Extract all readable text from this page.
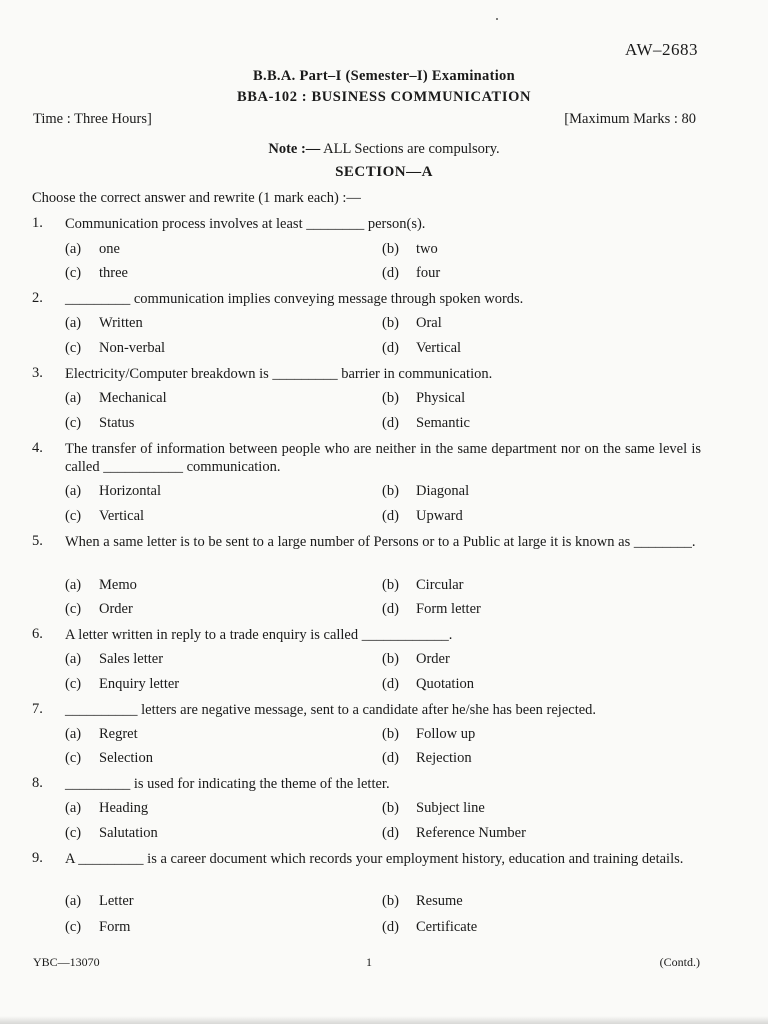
AW–2683
B.B.A. Part–I (Semester–I) Examination
BBA-102 : BUSINESS COMMUNICATION
Time : Three Hours]	[Maximum Marks : 80
Note :— ALL Sections are compulsory.
SECTION—A
Choose the correct answer and rewrite (1 mark each) :—
1. Communication process involves at least ________ person(s).
(a) one	(b) two
(c) three	(d) four
2. _________ communication implies conveying message through spoken words.
(a) Written	(b) Oral
(c) Non-verbal	(d) Vertical
3. Electricity/Computer breakdown is _________ barrier in communication.
(a) Mechanical	(b) Physical
(c) Status	(d) Semantic
4. The transfer of information between people who are neither in the same department nor on the same level is called ___________ communication.
(a) Horizontal	(b) Diagonal
(c) Vertical	(d) Upward
5. When a same letter is to be sent to a large number of Persons or to a Public at large it is known as ________.
(a) Memo	(b) Circular
(c) Order	(d) Form letter
6. A letter written in reply to a trade enquiry is called ____________.
(a) Sales letter	(b) Order
(c) Enquiry letter	(d) Quotation
7. __________ letters are negative message, sent to a candidate after he/she has been rejected.
(a) Regret	(b) Follow up
(c) Selection	(d) Rejection
8. _________ is used for indicating the theme of the letter.
(a) Heading	(b) Subject line
(c) Salutation	(d) Reference Number
9. A _________ is a career document which records your employment history, education and training details.
(a) Letter	(b) Resume
(c) Form	(d) Certificate
YBC—13070	1	(Contd.)
